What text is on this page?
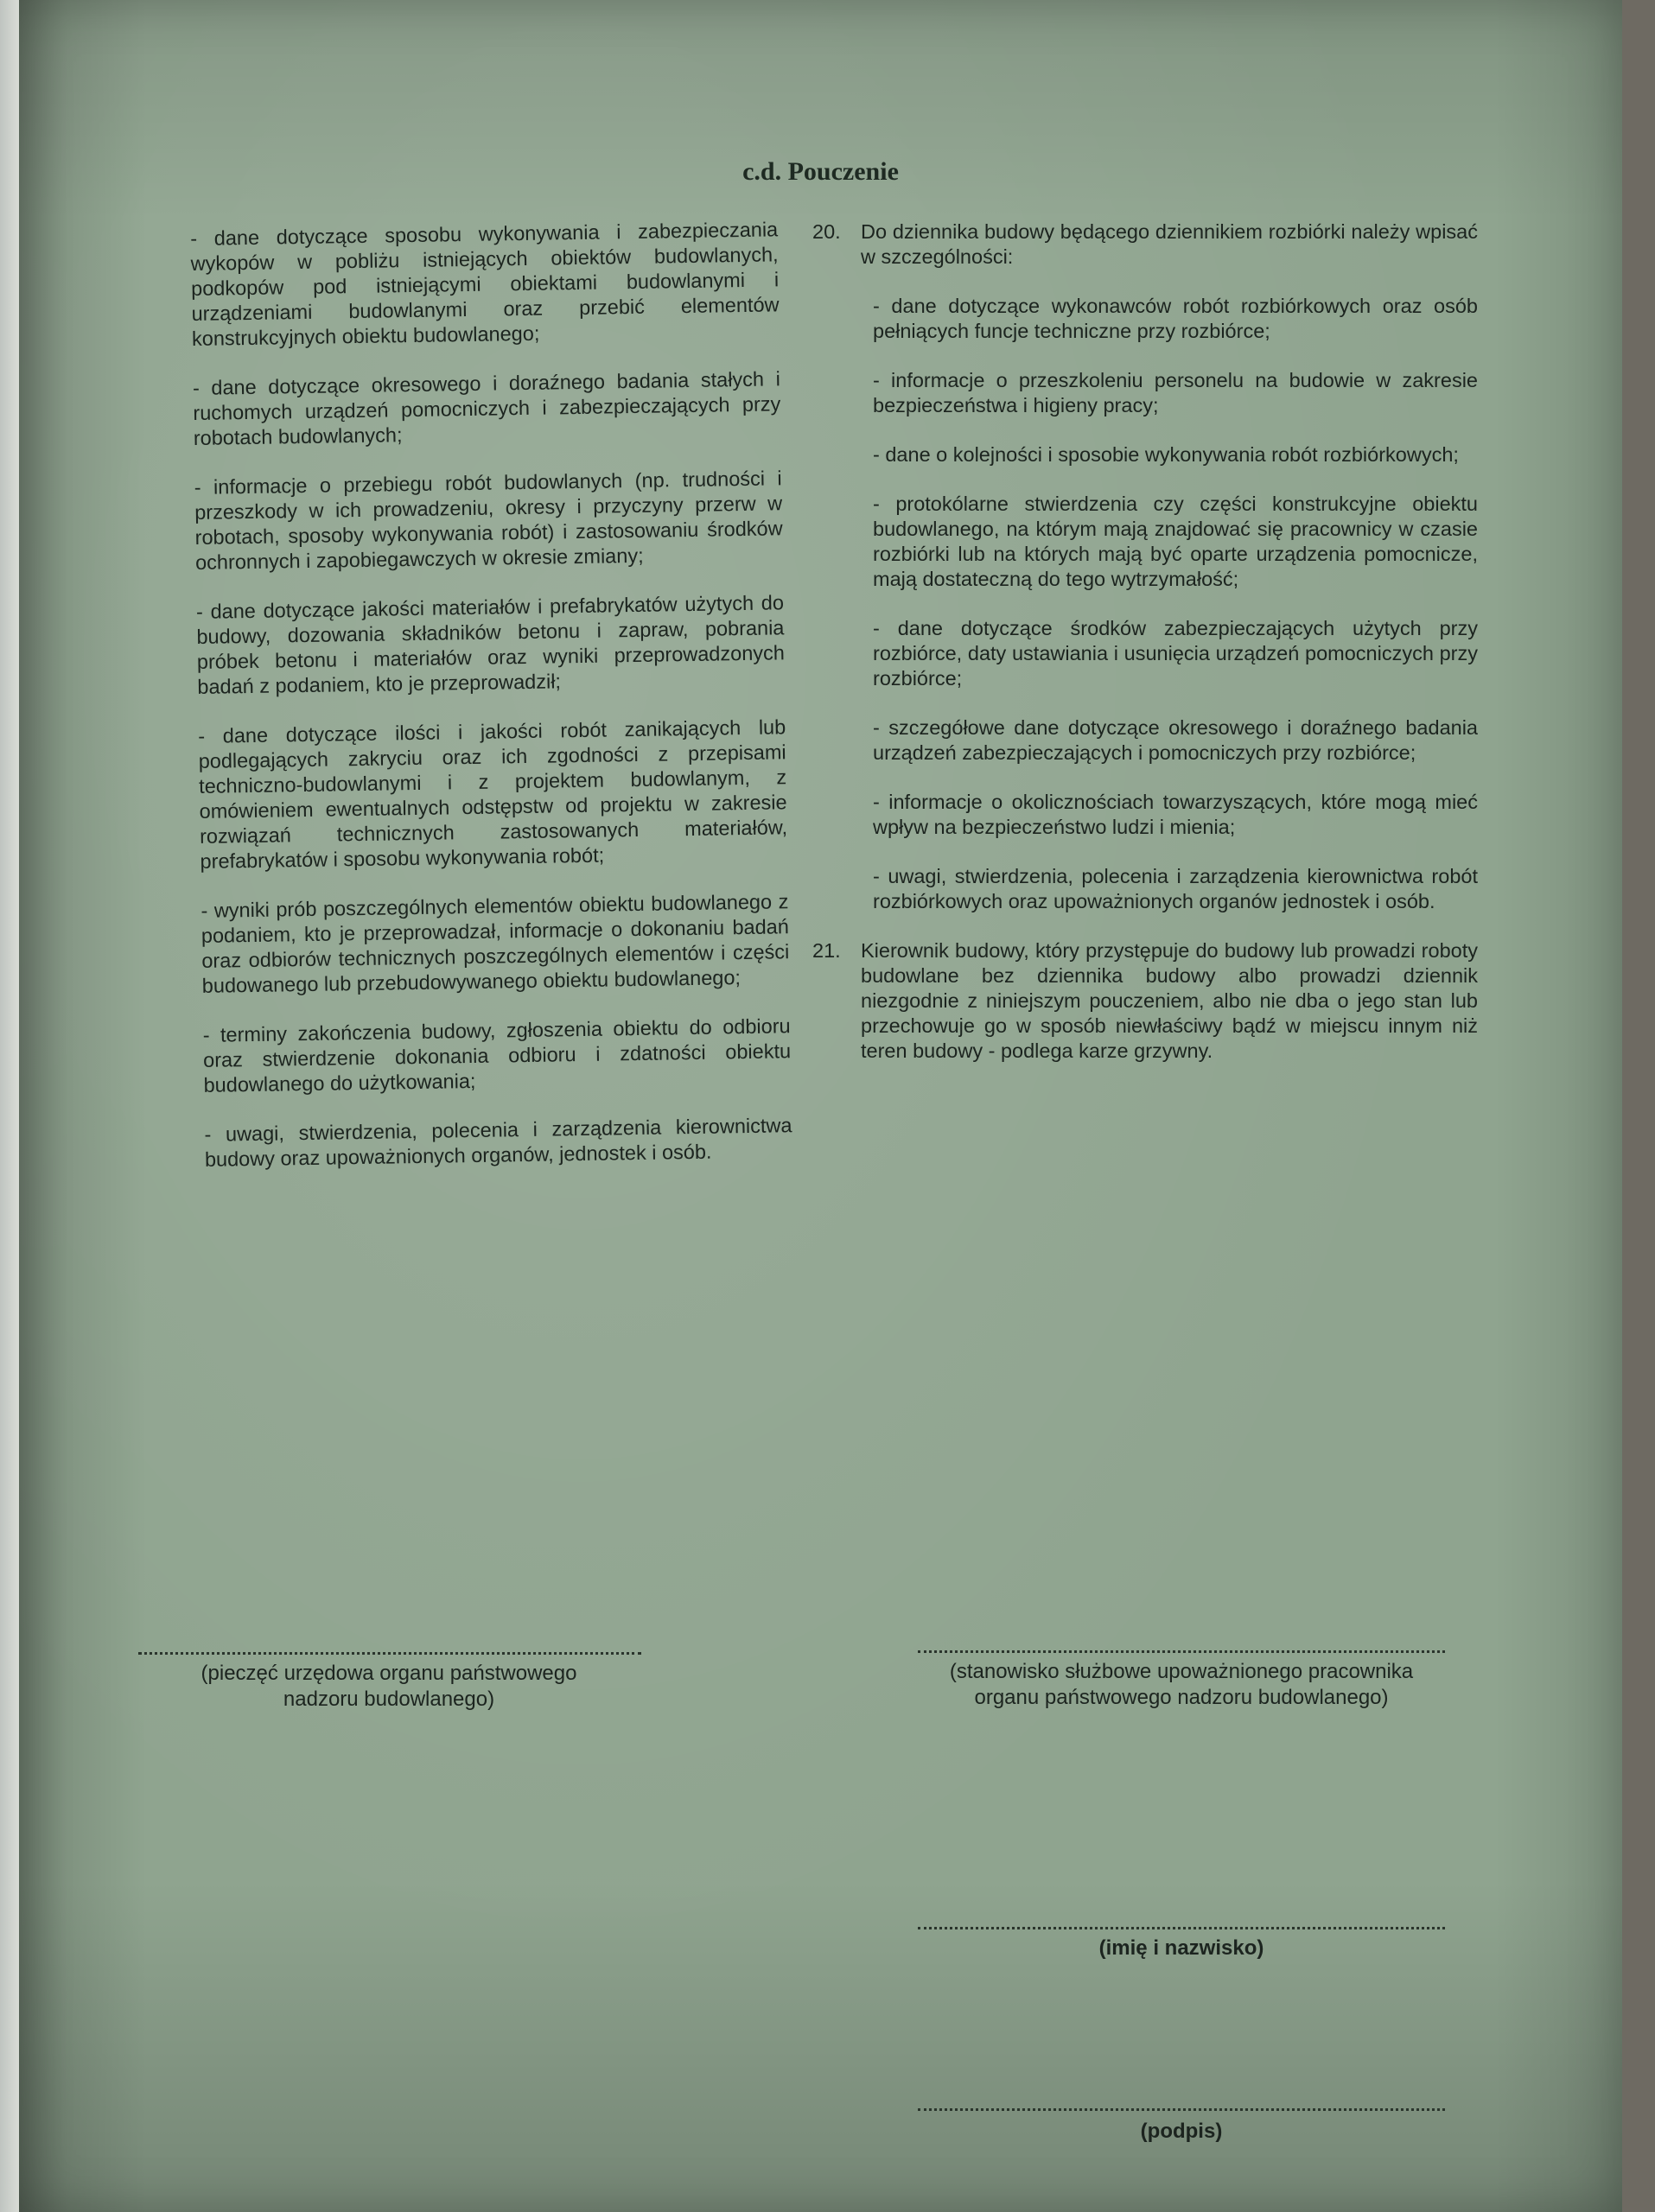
c.d. Pouczenie
- dane dotyczące sposobu wykonywania i zabezpieczania wykopów w pobliżu istniejących obiektów budowlanych, podkopów pod istniejącymi obiektami budowlanymi i urządzeniami budowlanymi oraz przebić elementów konstrukcyjnych obiektu budowlanego;
- dane dotyczące okresowego i doraźnego badania stałych i ruchomych urządzeń pomocniczych i zabezpieczających przy robotach budowlanych;
- informacje o przebiegu robót budowlanych (np. trudności i przeszkody w ich prowadzeniu, okresy i przyczyny przerw w robotach, sposoby wykonywania robót) i zastosowaniu środków ochronnych i zapobiegawczych w okresie zmiany;
- dane dotyczące jakości materiałów i prefabrykatów użytych do budowy, dozowania składników betonu i zapraw, pobrania próbek betonu i materiałów oraz wyniki przeprowadzonych badań z podaniem, kto je przeprowadził;
- dane dotyczące ilości i jakości robót zanikających lub podlegających zakryciu oraz ich zgodności z przepisami techniczno-budowlanymi i z projektem budowlanym, z omówieniem ewentualnych odstępstw od projektu w zakresie rozwiązań technicznych zastosowanych materiałów, prefabrykatów i sposobu wykonywania robót;
- wyniki prób poszczególnych elementów obiektu budowlanego z podaniem, kto je przeprowadzał, informacje o dokonaniu badań oraz odbiorów technicznych poszczególnych elementów i części budowanego lub przebudowywanego obiektu budowlanego;
- terminy zakończenia budowy, zgłoszenia obiektu do odbioru oraz stwierdzenie dokonania odbioru i zdatności obiektu budowlanego do użytkowania;
- uwagi, stwierdzenia, polecenia i zarządzenia kierownictwa budowy oraz upoważnionych organów, jednostek i osób.
20. Do dziennika budowy będącego dziennikiem rozbiórki należy wpisać w szczególności:
- dane dotyczące wykonawców robót rozbiórkowych oraz osób pełniących funcje techniczne przy rozbiórce;
- informacje o przeszkoleniu personelu na budowie w zakresie bezpieczeństwa i higieny pracy;
- dane o kolejności i sposobie wykonywania robót rozbiórkowych;
- protokólarne stwierdzenia czy części konstrukcyjne obiektu budowlanego, na którym mają znajdować się pracownicy w czasie rozbiórki lub na których mają być oparte urządzenia pomocnicze, mają dostateczną do tego wytrzymałość;
- dane dotyczące środków zabezpieczających użytych przy rozbiórce, daty ustawiania i usunięcia urządzeń pomocniczych przy rozbiórce;
- szczegółowe dane dotyczące okresowego i doraźnego badania urządzeń zabezpieczających i pomocniczych przy rozbiórce;
- informacje o okolicznościach towarzyszących, które mogą mieć wpływ na bezpieczeństwo ludzi i mienia;
- uwagi, stwierdzenia, polecenia i zarządzenia kierownictwa robót rozbiórkowych oraz upoważnionych organów jednostek i osób.
21. Kierownik budowy, który przystępuje do budowy lub prowadzi roboty budowlane bez dziennika budowy albo prowadzi dziennik niezgodnie z niniejszym pouczeniem, albo nie dba o jego stan lub przechowuje go w sposób niewłaściwy bądź w miejscu innym niż teren budowy - podlega karze grzywny.
(pieczęć urzędowa organu państwowego nadzoru budowlanego)
(stanowisko służbowe upoważnionego pracownika organu państwowego nadzoru budowlanego)
(imię i nazwisko)
(podpis)
